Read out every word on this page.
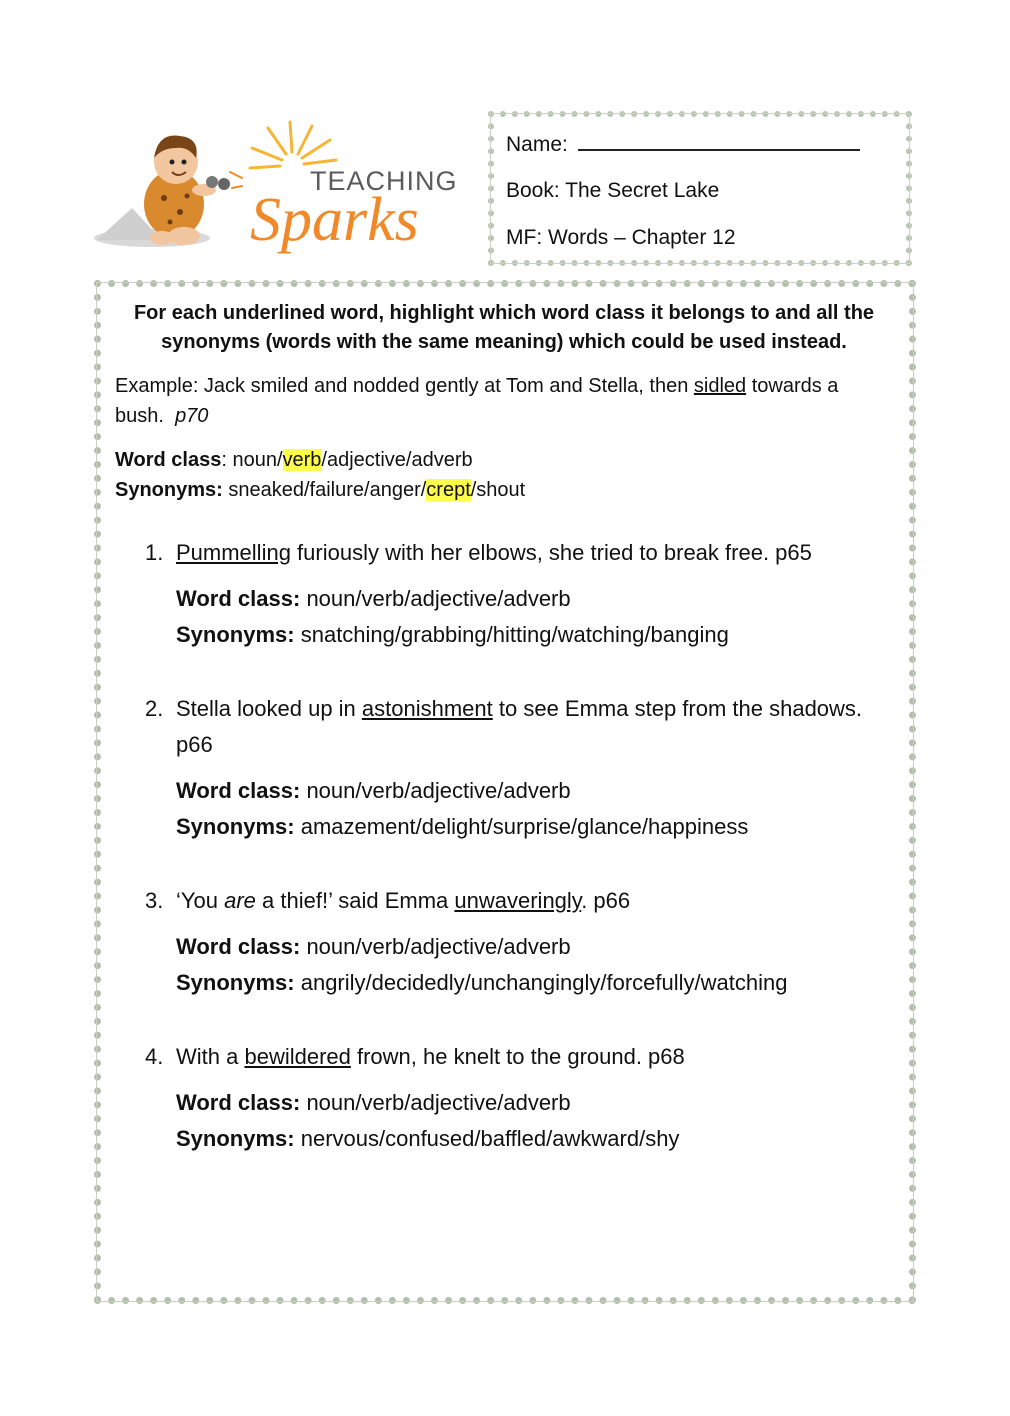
TEACHING
Sparks
Name:
Book: The Secret Lake
MF: Words – Chapter 12

For each underlined word, highlight which word class it belongs to and all the synonyms (words with the same meaning) which could be used instead.

Example: Jack smiled and nodded gently at Tom and Stella, then sidled towards a bush. p70
Word class: noun/verb/adjective/adverb
Synonyms: sneaked/failure/anger/crept/shout
1. Pummelling furiously with her elbows, she tried to break free. p65
Word class: noun/verb/adjective/adverb
Synonyms: snatching/grabbing/hitting/watching/banging
2. Stella looked up in astonishment to see Emma step from the shadows. p66
Word class: noun/verb/adjective/adverb
Synonyms: amazement/delight/surprise/glance/happiness
3. ‘You are a thief!’ said Emma unwaveringly. p66
Word class: noun/verb/adjective/adverb
Synonyms: angrily/decidedly/unchangingly/forcefully/watching
4. With a bewildered frown, he knelt to the ground. p68
Word class: noun/verb/adjective/adverb
Synonyms: nervous/confused/baffled/awkward/shy
